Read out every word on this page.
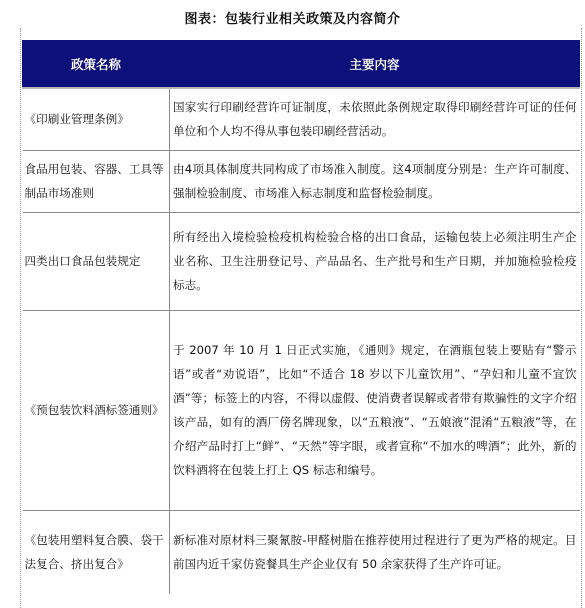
图表：包装行业相关政策及内容简介
政策名称	主要内容
《印刷业管理条例》	国家实行印刷经营许可证制度，未依照此条例规定取得印刷经营许可证的任何单位和个人均不得从事包装印刷经营活动。
食品用包装、容器、工具等制品市场准则	由4项具体制度共同构成了市场准入制度。这4项制度分别是：生产许可制度、强制检验制度、市场准入标志制度和监督检验制度。
四类出口食品包装规定	所有经出入境检验检疫机构检验合格的出口食品，运输包装上必须注明生产企业名称、卫生注册登记号、产品品名、生产批号和生产日期，并加施检验检疫标志。
《预包装饮料酒标签通则》	于 2007 年 10 月 1 日正式实施，《通则》规定，在酒瓶包装上要贴有“警示语”或者“劝说语”，比如“不适合 18 岁以下儿童饮用”、“孕妇和儿童不宜饮酒”等；标签上的内容，不得以虚假、使消费者误解或者带有欺骗性的文字介绍该产品，如有的酒厂傍名牌现象，以“五粮液”、“五娘液”混淆“五粮液”等，在介绍产品时打上“鲜”、“天然”等字眼，或者宣称“不加水的啤酒”；此外，新的饮料酒将在包装上打上 QS 标志和编号。
《包装用塑料复合膜、袋干法复合、挤出复合》	新标准对原材料三聚氰胺-甲醛树脂在推荐使用过程进行了更为严格的规定。目前国内近千家仿瓷餐具生产企业仅有 50 余家获得了生产许可证。
